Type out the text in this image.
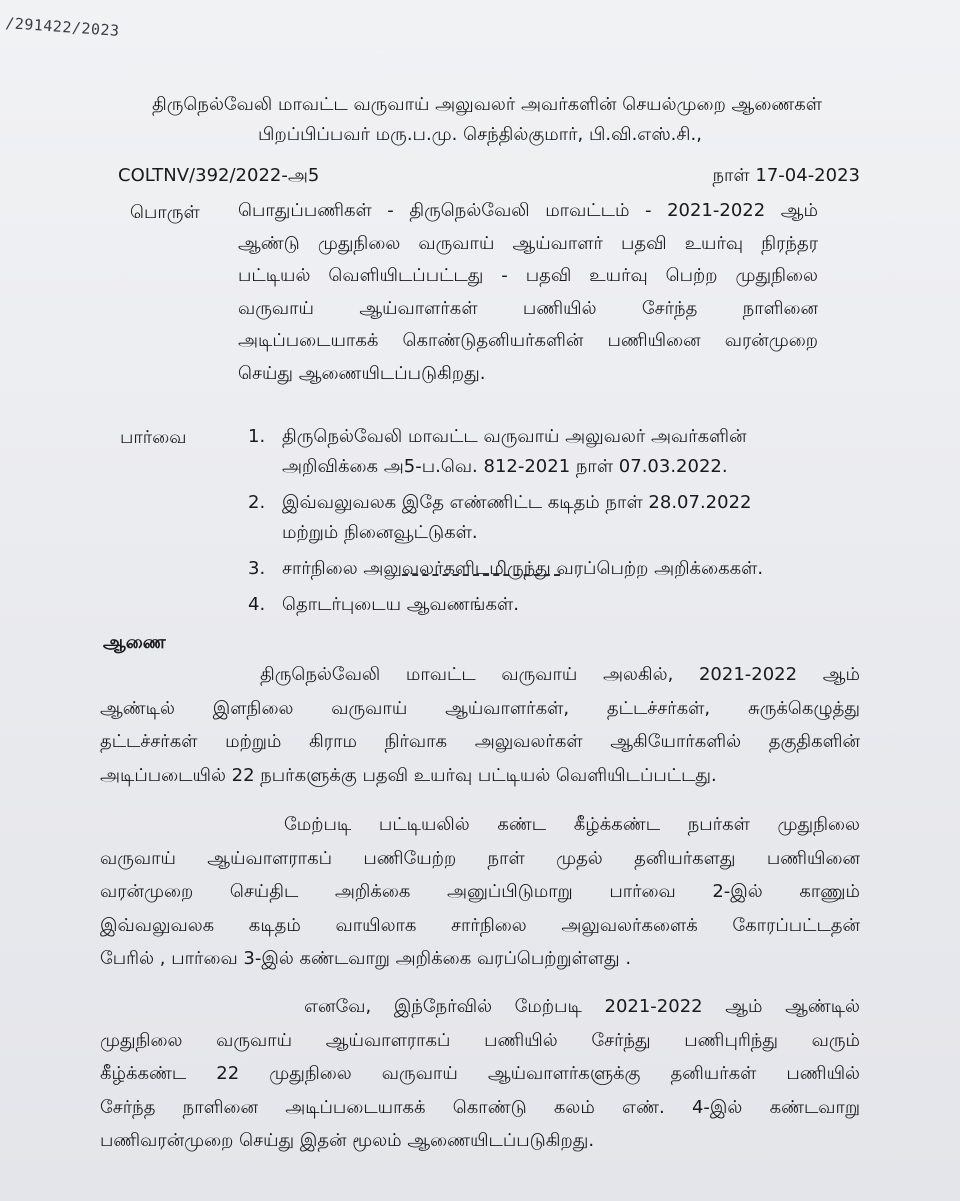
/291422/2023
திருநெல்வேலி மாவட்ட வருவாய் அலுவலர் அவர்களின் செயல்முறை ஆணைகள்
பிறப்பிப்பவர் மரு.ப.மு. செந்தில்குமார், பி.வி.எஸ்.சி.,
COLTNV/392/2022-அ5	நாள் 17-04-2023
பொருள் பொதுப்பணிகள் - திருநெல்வேலி மாவட்டம் - 2021-2022 ஆம்
ஆண்டு முதுநிலை வருவாய் ஆய்வாளர் பதவி உயர்வு நிரந்தர
பட்டியல் வெளியிடப்பட்டது - பதவி உயர்வு பெற்ற முதுநிலை
வருவாய் ஆய்வாளர்கள் பணியில் சேர்ந்த நாளினை
அடிப்படையாகக் கொண்டுதனியர்களின் பணியினை வரன்முறை
செய்து ஆணையிடப்படுகிறது.
பார்வை	1. திருநெல்வேலி மாவட்ட வருவாய் அலுவலர் அவர்களின்
அறிவிக்கை அ5-ப.வெ. 812-2021 நாள் 07.03.2022.
2. இவ்வலுவலக இதே எண்ணிட்ட கடிதம் நாள் 28.07.2022
மற்றும் நினைவூட்டுகள்.
3. சார்நிலை அலுவலர்களிடமிருந்து வரப்பெற்ற அறிக்கைகள்.
4. தொடர்புடைய ஆவணங்கள்.
ஆணை
திருநெல்வேலி மாவட்ட வருவாய் அலகில், 2021-2022 ஆம்
ஆண்டில் இளநிலை வருவாய் ஆய்வாளர்கள், தட்டச்சர்கள், சுருக்கெழுத்து
தட்டச்சர்கள் மற்றும் கிராம நிர்வாக அலுவலர்கள் ஆகியோர்களில் தகுதிகளின்
அடிப்படையில் 22 நபர்களுக்கு பதவி உயர்வு பட்டியல் வெளியிடப்பட்டது.
மேற்படி பட்டியலில் கண்ட கீழ்க்கண்ட நபர்கள் முதுநிலை
வருவாய் ஆய்வாளராகப் பணியேற்ற நாள் முதல் தனியர்களது பணியினை
வரன்முறை செய்திட அறிக்கை அனுப்பிடுமாறு பார்வை 2-இல் காணும்
இவ்வலுவலக கடிதம் வாயிலாக சார்நிலை அலுவலர்களைக் கோரப்பட்டதன்
பேரில் , பார்வை 3-இல் கண்டவாறு அறிக்கை வரப்பெற்றுள்ளது .
எனவே, இந்நேர்வில் மேற்படி 2021-2022 ஆம் ஆண்டில்
முதுநிலை வருவாய் ஆய்வாளராகப் பணியில் சேர்ந்து பணிபுரிந்து வரும்
கீழ்க்கண்ட 22 முதுநிலை வருவாய் ஆய்வாளர்களுக்கு தனியர்கள் பணியில்
சேர்ந்த நாளினை அடிப்படையாகக் கொண்டு கலம் எண். 4-இல் கண்டவாறு
பணிவரன்முறை செய்து இதன் மூலம் ஆணையிடப்படுகிறது.
